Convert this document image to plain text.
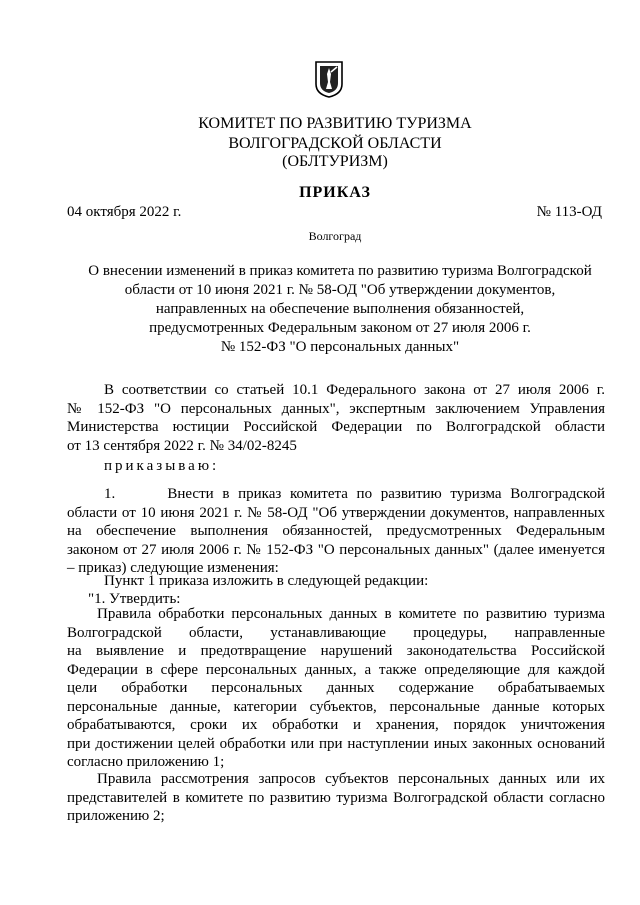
КОМИТЕТ ПО РАЗВИТИЮ ТУРИЗМА
ВОЛГОГРАДСКОЙ ОБЛАСТИ
(ОБЛТУРИЗМ)
ПРИКАЗ
04 октября 2022 г.	№ 113-ОД
Волгоград
О внесении изменений в приказ комитета по развитию туризма Волгоградской
области от 10 июня 2021 г. № 58-ОД "Об утверждении документов,
направленных на обеспечение выполнения обязанностей,
предусмотренных Федеральным законом от 27 июля 2006 г.
№ 152-ФЗ "О персональных данных"
В соответствии со статьей 10.1 Федерального закона от 27 июля 2006 г.
№ 152-ФЗ "О персональных данных", экспертным заключением Управления
Министерства юстиции Российской Федерации по Волгоградской области
от 13 сентября 2022 г. № 34/02-8245
приказываю:
1.      Внести в приказ комитета по развитию туризма Волгоградской
области от 10 июня 2021 г. № 58-ОД "Об утверждении документов, направленных
на обеспечение выполнения обязанностей, предусмотренных Федеральным
законом от 27 июля 2006 г. № 152-ФЗ "О персональных данных" (далее именуется
– приказ) следующие изменения:
Пункт 1 приказа изложить в следующей редакции:
"1. Утвердить:
Правила обработки персональных данных в комитете по развитию туризма
Волгоградской области, устанавливающие процедуры, направленные
на выявление и предотвращение нарушений законодательства Российской
Федерации в сфере персональных данных, а также определяющие для каждой
цели обработки персональных данных содержание обрабатываемых
персональные данные, категории субъектов, персональные данные которых
обрабатываются, сроки их обработки и хранения, порядок уничтожения
при достижении целей обработки или при наступлении иных законных оснований
согласно приложению 1;
Правила рассмотрения запросов субъектов персональных данных или их
представителей в комитете по развитию туризма Волгоградской области согласно
приложению 2;
